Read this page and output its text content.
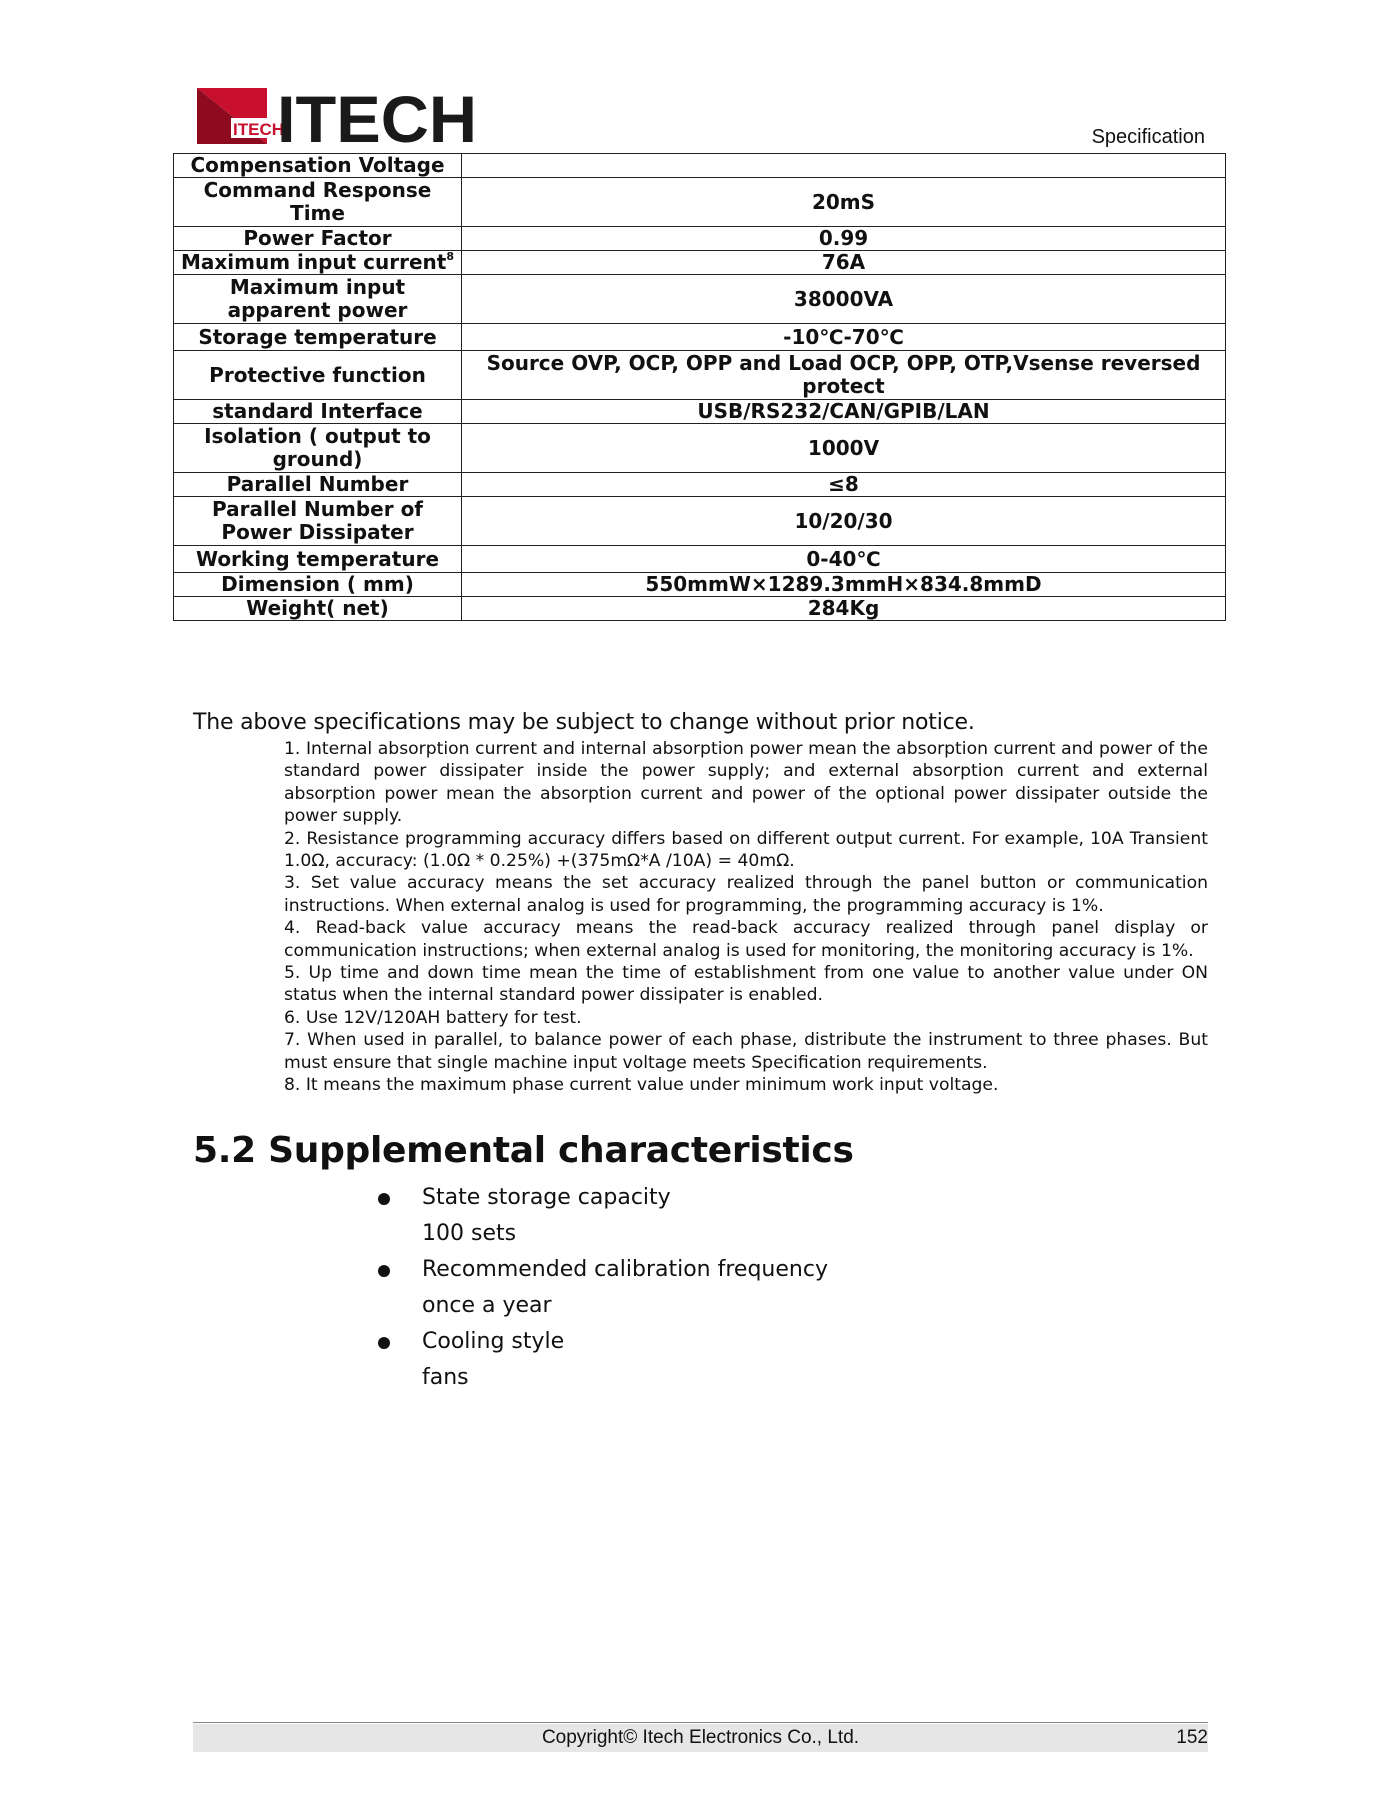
ITECH
ITECH	Specification
Compensation Voltage	
Command Response Time	20mS
Power Factor	0.99
Maximum input current$^8$	76A
Maximum input apparent power	38000VA
Storage temperature	-10℃-70℃
Protective function	Source OVP, OCP, OPP and Load OCP, OPP, OTP,Vsense reversed protect
standard Interface	USB/RS232/CAN/GPIB/LAN
Isolation ( output to ground)	1000V
Parallel Number	≤8
Parallel Number of Power Dissipater	10/20/30
Working temperature	0-40℃
Dimension ( mm)	550mmW×1289.3mmH×834.8mmD
Weight( net)	284Kg
The above specifications may be subject to change without prior notice.

1. Internal absorption current and internal absorption power mean the absorption current and power of the standard power dissipater inside the power supply; and external absorption current and external absorption power mean the absorption current and power of the optional power dissipater outside the power supply.

2. Resistance programming accuracy differs based on different output current. For example, 10A Transient 1.0Ω, accuracy: (1.0Ω * 0.25%) +(375mΩ*A /10A) = 40mΩ.

3. Set value accuracy means the set accuracy realized through the panel button or communication instructions. When external analog is used for programming, the programming accuracy is 1%.

4. Read-back value accuracy means the read-back accuracy realized through panel display or communication instructions; when external analog is used for monitoring, the monitoring accuracy is 1%.

5. Up time and down time mean the time of establishment from one value to another value under ON status when the internal standard power dissipater is enabled.

6. Use 12V/120AH battery for test.

7. When used in parallel, to balance power of each phase, distribute the instrument to three phases. But must ensure that single machine input voltage meets Specification requirements.

8. It means the maximum phase current value under minimum work input voltage.

5.2 Supplemental characteristics
State storage capacity
100 sets
Recommended calibration frequency
once a year
Cooling style
fans
Copyright© Itech Electronics Co., Ltd.	152
